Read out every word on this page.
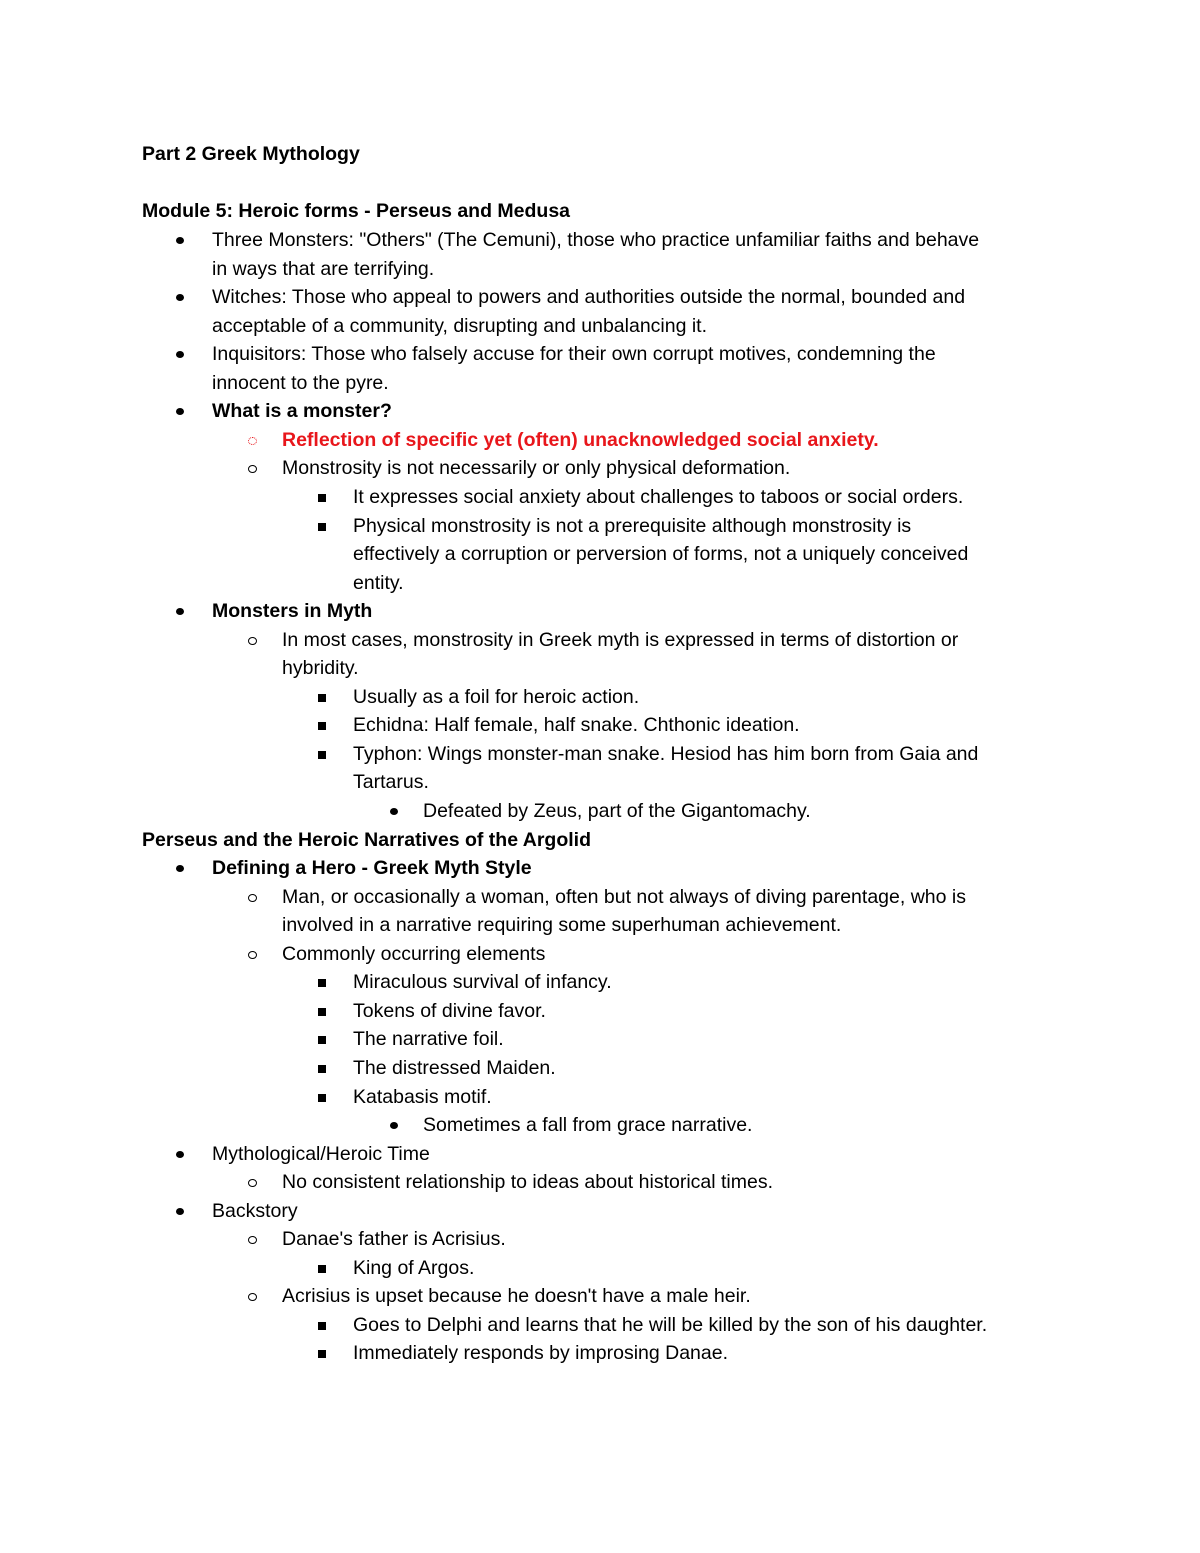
Part 2 Greek Mythology
Module 5: Heroic forms - Perseus and Medusa
Three Monsters: "Others" (The Cemuni), those who practice unfamiliar faiths and behave
in ways that are terrifying.
Witches: Those who appeal to powers and authorities outside the normal, bounded and
acceptable of a community, disrupting and unbalancing it.
Inquisitors: Those who falsely accuse for their own corrupt motives, condemning the
innocent to the pyre.
What is a monster?
Reflection of specific yet (often) unacknowledged social anxiety.
Monstrosity is not necessarily or only physical deformation.
It expresses social anxiety about challenges to taboos or social orders.
Physical monstrosity is not a prerequisite although monstrosity is
effectively a corruption or perversion of forms, not a uniquely conceived
entity.
Monsters in Myth
In most cases, monstrosity in Greek myth is expressed in terms of distortion or
hybridity.
Usually as a foil for heroic action.
Echidna: Half female, half snake. Chthonic ideation.
Typhon: Wings monster-man snake. Hesiod has him born from Gaia and
Tartarus.
Defeated by Zeus, part of the Gigantomachy.
Perseus and the Heroic Narratives of the Argolid
Defining a Hero - Greek Myth Style
Man, or occasionally a woman, often but not always of diving parentage, who is
involved in a narrative requiring some superhuman achievement.
Commonly occurring elements
Miraculous survival of infancy.
Tokens of divine favor.
The narrative foil.
The distressed Maiden.
Katabasis motif.
Sometimes a fall from grace narrative.
Mythological/Heroic Time
No consistent relationship to ideas about historical times.
Backstory
Danae's father is Acrisius.
King of Argos.
Acrisius is upset because he doesn't have a male heir.
Goes to Delphi and learns that he will be killed by the son of his daughter.
Immediately responds by improsing Danae.
